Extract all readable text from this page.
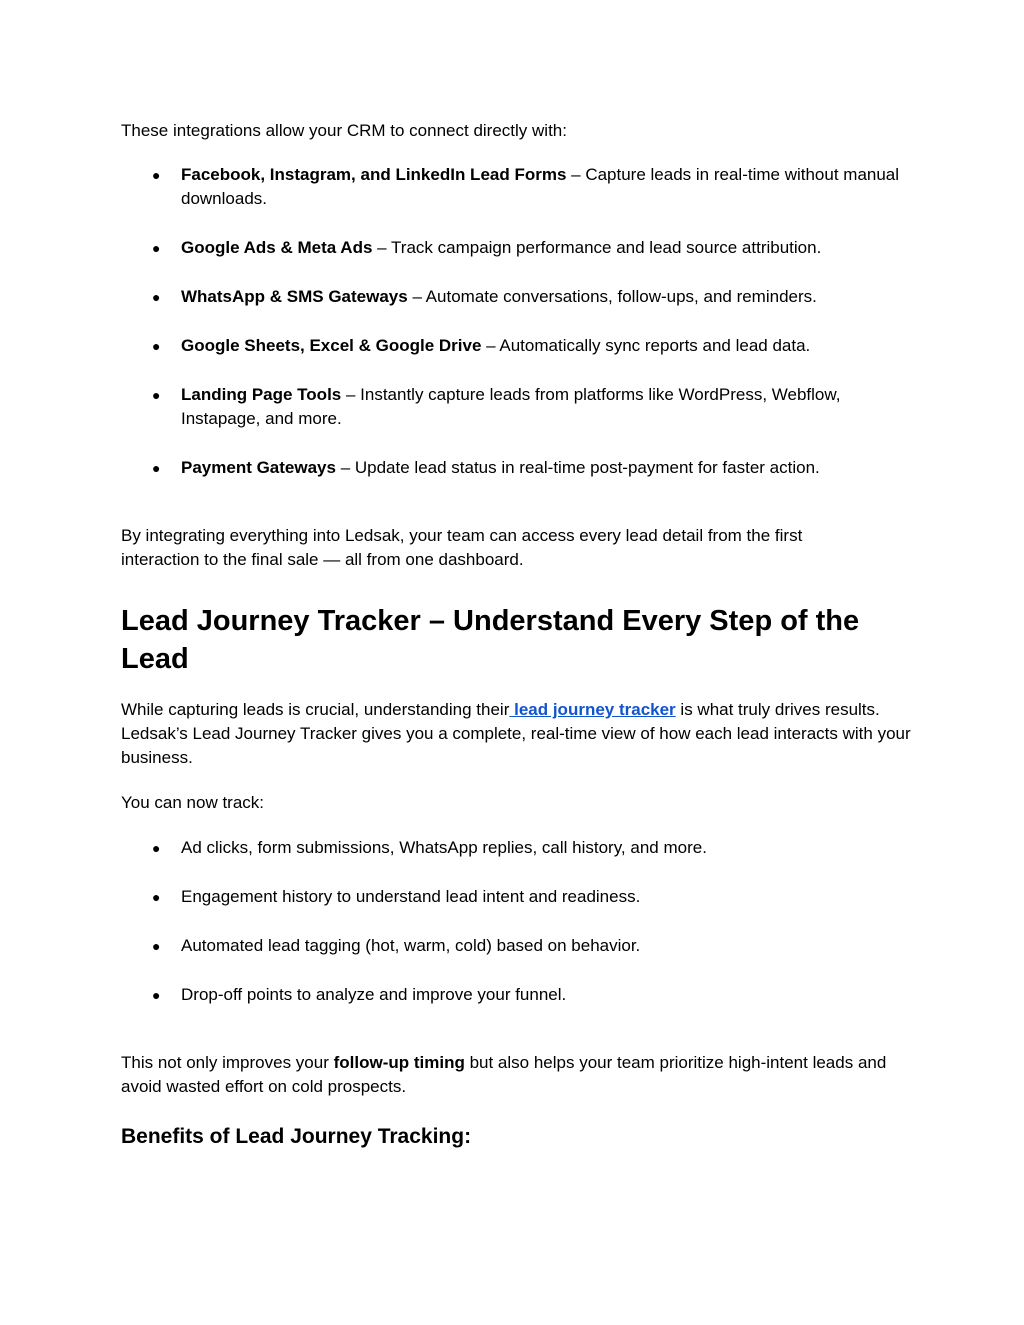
These integrations allow your CRM to connect directly with:

● Facebook, Instagram, and LinkedIn Lead Forms – Capture leads in real-time without manual downloads.
● Google Ads & Meta Ads – Track campaign performance and lead source attribution.
● WhatsApp & SMS Gateways – Automate conversations, follow-ups, and reminders.
● Google Sheets, Excel & Google Drive – Automatically sync reports and lead data.
● Landing Page Tools – Instantly capture leads from platforms like WordPress, Webflow, Instapage, and more.
● Payment Gateways – Update lead status in real-time post-payment for faster action.

By integrating everything into Ledsak, your team can access every lead detail from the first interaction to the final sale — all from one dashboard.

Lead Journey Tracker – Understand Every Step of the Lead

While capturing leads is crucial, understanding their lead journey tracker is what truly drives results. Ledsak’s Lead Journey Tracker gives you a complete, real-time view of how each lead interacts with your business.

You can now track:

● Ad clicks, form submissions, WhatsApp replies, call history, and more.
● Engagement history to understand lead intent and readiness.
● Automated lead tagging (hot, warm, cold) based on behavior.
● Drop-off points to analyze and improve your funnel.

This not only improves your follow-up timing but also helps your team prioritize high-intent leads and avoid wasted effort on cold prospects.

Benefits of Lead Journey Tracking:
